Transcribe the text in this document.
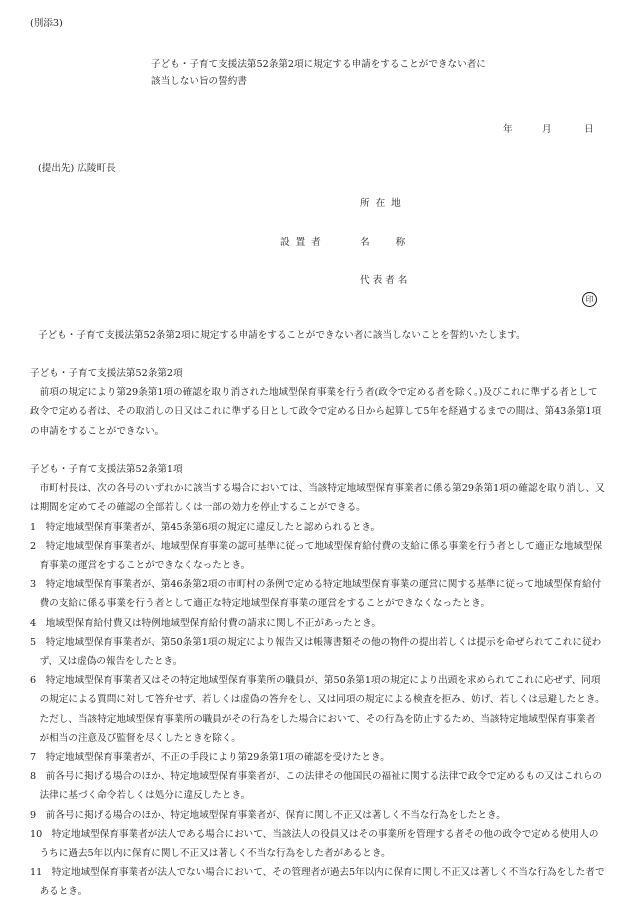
(別添3)
子ども・子育て支援法第52条第2項に規定する申請をすることができない者に
該当しない旨の誓約書
年	月	日
(提出先) 広陵町長
所在地
設置者	名称
代表者名
印
子ども・子育て支援法第52条第2項に規定する申請をすることができない者に該当しないことを誓約いたします。

子ども・子育て支援法第52条第2項

前項の規定により第29条第1項の確認を取り消された地域型保育事業を行う者(政令で定める者を除く。)及びこれに準ずる者として政令で定める者は、その取消しの日又はこれに準ずる日として政令で定める日から起算して5年を経過するまでの間は、第43条第1項の申請をすることができない。

子ども・子育て支援法第52条第1項

市町村長は、次の各号のいずれかに該当する場合においては、当該特定地域型保育事業者に係る第29条第1項の確認を取り消し、又は期間を定めてその確認の全部若しくは一部の効力を停止することができる。

1　特定地域型保育事業者が、第45条第6項の規定に違反したと認められるとき。

2　特定地域型保育事業者が、地域型保育事業の認可基準に従って地域型保育給付費の支給に係る事業を行う者として適正な地域型保育事業の運営をすることができなくなったとき。

3　特定地域型保育事業者が、第46条第2項の市町村の条例で定める特定地域型保育事業の運営に関する基準に従って地域型保育給付費の支給に係る事業を行う者として適正な特定地域型保育事業の運営をすることができなくなったとき。

4　地域型保育給付費又は特例地域型保育給付費の請求に関し不正があったとき。

5　特定地域型保育事業者が、第50条第1項の規定により報告又は帳簿書類その他の物件の提出若しくは提示を命ぜられてこれに従わず、又は虚偽の報告をしたとき。

6　特定地域型保育事業者又はその特定地域型保育事業所の職員が、第50条第1項の規定により出頭を求められてこれに応ぜず、同項の規定による質問に対して答弁せず、若しくは虚偽の答弁をし、又は同項の規定による検査を拒み、妨げ、若しくは忌避したとき。ただし、当該特定地域型保育事業所の職員がその行為をした場合において、その行為を防止するため、当該特定地域型保育事業者が相当の注意及び監督を尽くしたときを除く。

7　特定地域型保育事業者が、不正の手段により第29条第1項の確認を受けたとき。

8　前各号に掲げる場合のほか、特定地域型保育事業者が、この法律その他国民の福祉に関する法律で政令で定めるもの又はこれらの法律に基づく命令若しくは処分に違反したとき。

9　前各号に掲げる場合のほか、特定地域型保育事業者が、保育に関し不正又は著しく不当な行為をしたとき。

10　特定地域型保育事業者が法人である場合において、当該法人の役員又はその事業所を管理する者その他の政令で定める使用人のうちに過去5年以内に保育に関し不正又は著しく不当な行為をした者があるとき。

11　特定地域型保育事業者が法人でない場合において、その管理者が過去5年以内に保育に関し不正又は著しく不当な行為をした者であるとき。
